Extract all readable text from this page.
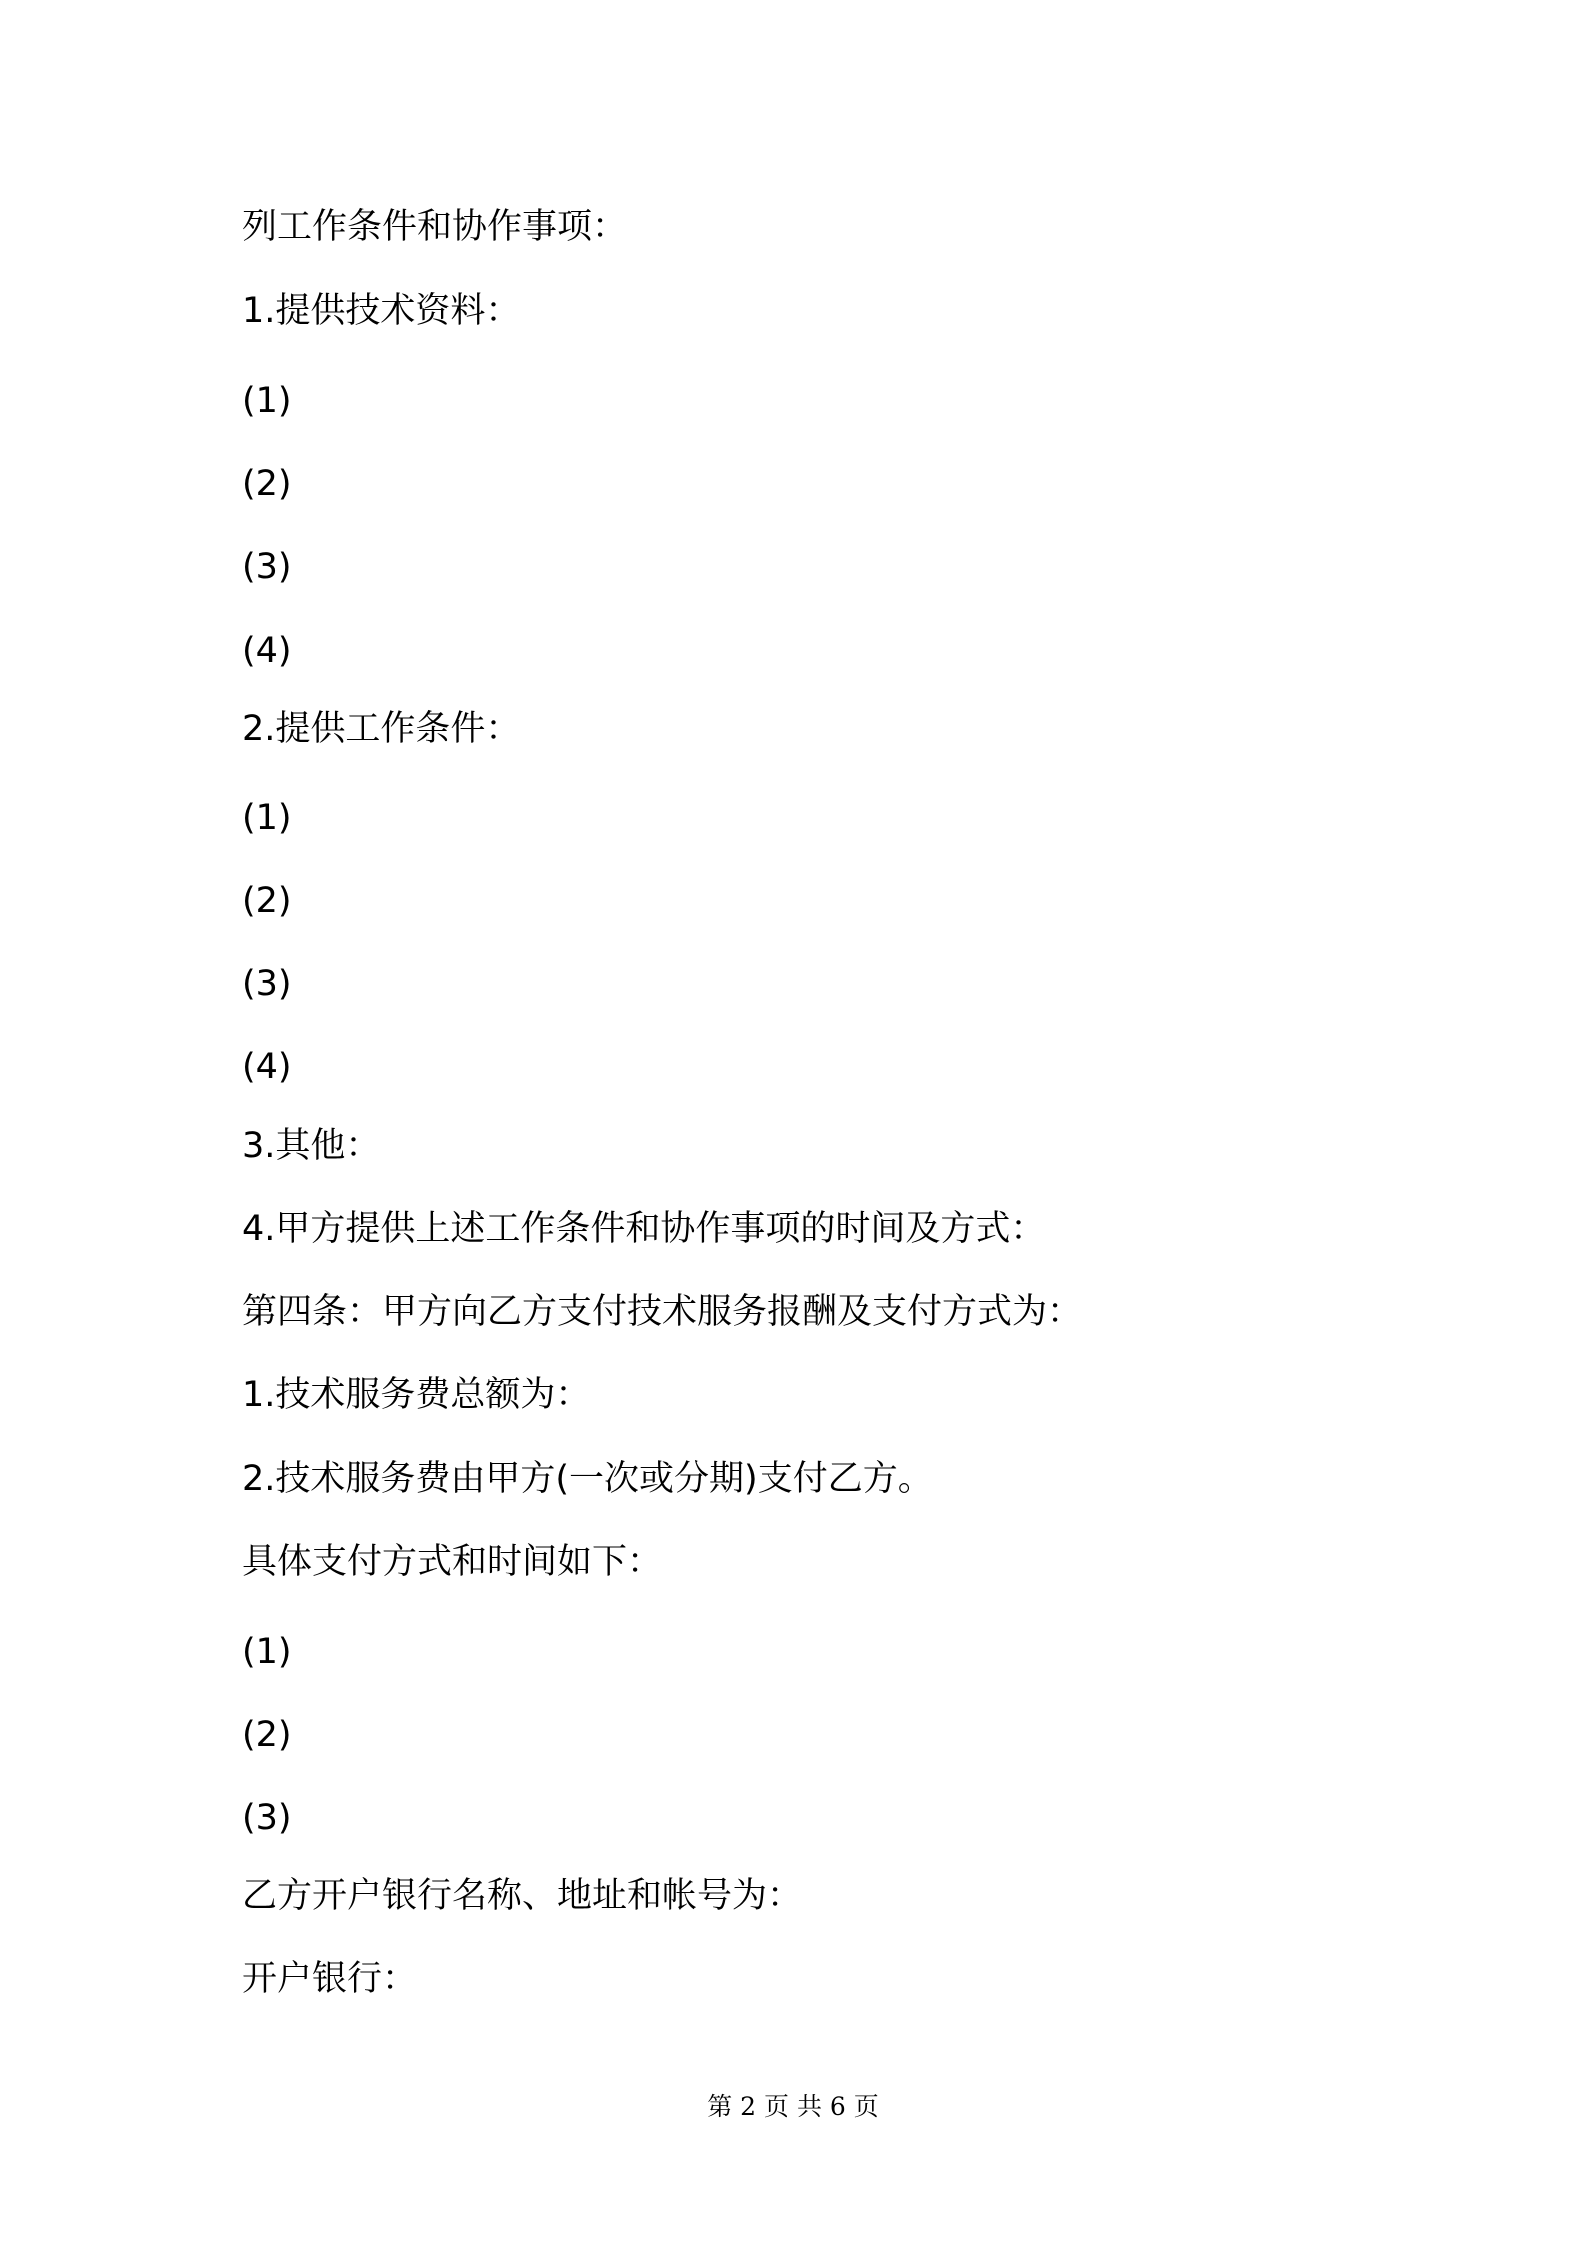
列工作条件和协作事项：
1.提供技术资料：
(1)
(2)
(3)
(4)
2.提供工作条件：
(1)
(2)
(3)
(4)
3.其他：
4.甲方提供上述工作条件和协作事项的时间及方式：
第四条：甲方向乙方支付技术服务报酬及支付方式为：
1.技术服务费总额为：
2.技术服务费由甲方(一次或分期)支付乙方。
具体支付方式和时间如下：
(1)
(2)
(3)
乙方开户银行名称、地址和帐号为：
开户银行：
第 2 页 共 6 页
